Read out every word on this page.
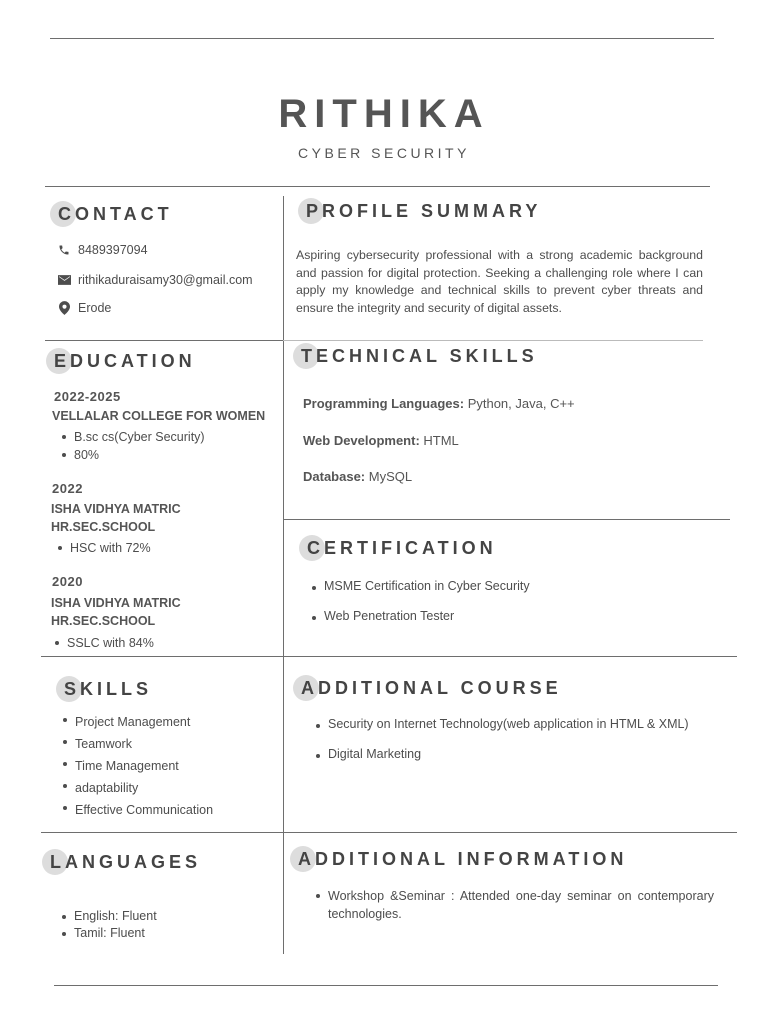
RITHIKA
CYBER SECURITY
CONTACT
8489397094
rithikaduraisamy30@gmail.com
Erode
PROFILE SUMMARY
Aspiring cybersecurity professional with a strong academic background and passion for digital protection. Seeking a challenging role where I can apply my knowledge and technical skills to prevent cyber threats and ensure the integrity and security of digital assets.
EDUCATION
2022-2025
VELLALAR COLLEGE FOR WOMEN
B.sc cs(Cyber Security)
80%
2022
ISHA VIDHYA MATRIC HR.SEC.SCHOOL
HSC with 72%
2020
ISHA VIDHYA MATRIC HR.SEC.SCHOOL
SSLC with 84%
TECHNICAL SKILLS
Programming Languages: Python, Java, C++
Web Development: HTML
Database: MySQL
CERTIFICATION
MSME Certification in Cyber Security
Web Penetration Tester
SKILLS
Project Management
Teamwork
Time Management
adaptability
Effective Communication
ADDITIONAL COURSE
Security on Internet Technology(web application in HTML & XML)
Digital Marketing
LANGUAGES
English: Fluent
Tamil: Fluent
ADDITIONAL INFORMATION
Workshop &Seminar : Attended one-day seminar on contemporary technologies.
